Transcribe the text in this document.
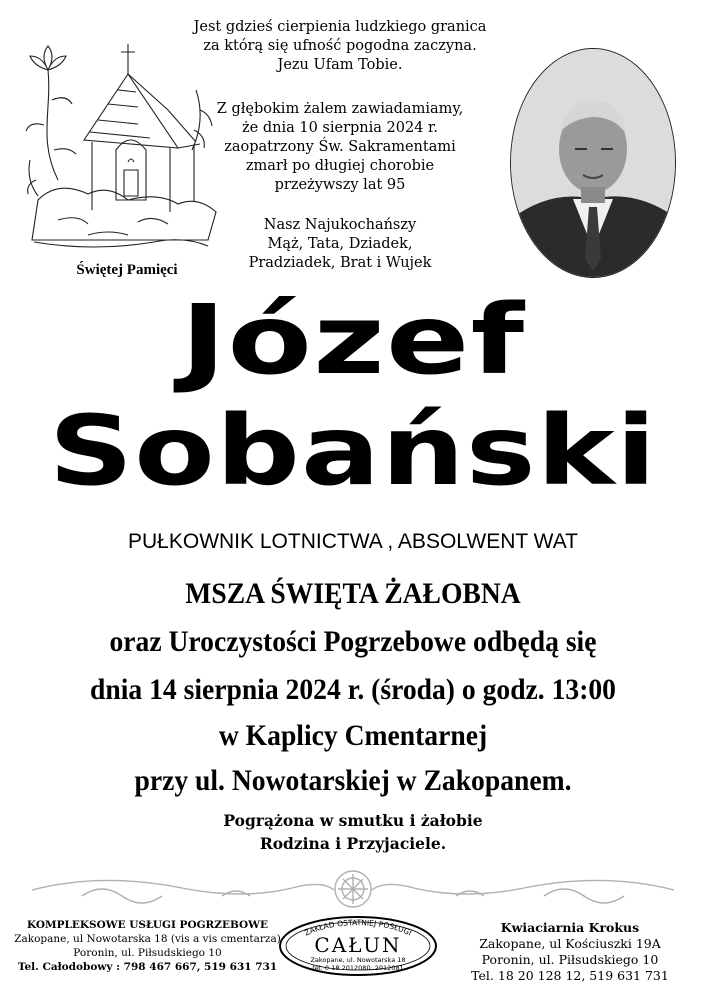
Świętej Pamięci
Jest gdzieś cierpienia ludzkiego granica
za którą się ufność pogodna zaczyna.
Jezu Ufam Tobie.
Z głębokim żalem zawiadamiamy,
że dnia 10 sierpnia 2024 r.
zaopatrzony Św. Sakramentami
zmarł po długiej chorobie
przeżywszy lat 95
Nasz Najukochańszy
Mąż, Tata, Dziadek,
Pradziadek, Brat i Wujek
Józef
Sobański
PUŁKOWNIK LOTNICTWA , ABSOLWENT WAT
MSZA ŚWIĘTA ŻAŁOBNA
oraz Uroczystości Pogrzebowe odbędą się
dnia 14 sierpnia 2024 r. (środa) o godz. 13:00
w Kaplicy Cmentarnej
przy ul. Nowotarskiej w Zakopanem.
Pogrążona w smutku i żałobie
Rodzina i Przyjaciele.
KOMPLEKSOWE USŁUGI POGRZEBOWE
Zakopane, ul Nowotarska 18 (vis a vis cmentarza)
Poronin, ul. Piłsudskiego 10
Tel. Całodobowy : 798 467 667, 519 631 731
ZAKŁAD OSTATNIEJ POSŁUGI
CAŁUN
Zakopane, ul. Nowotarska 18
tel. 0-18 2012080, 2012081
Kwiaciarnia Krokus
Zakopane, ul Kościuszki 19A
Poronin, ul. Piłsudskiego 10
Tel. 18 20 128 12, 519 631 731
